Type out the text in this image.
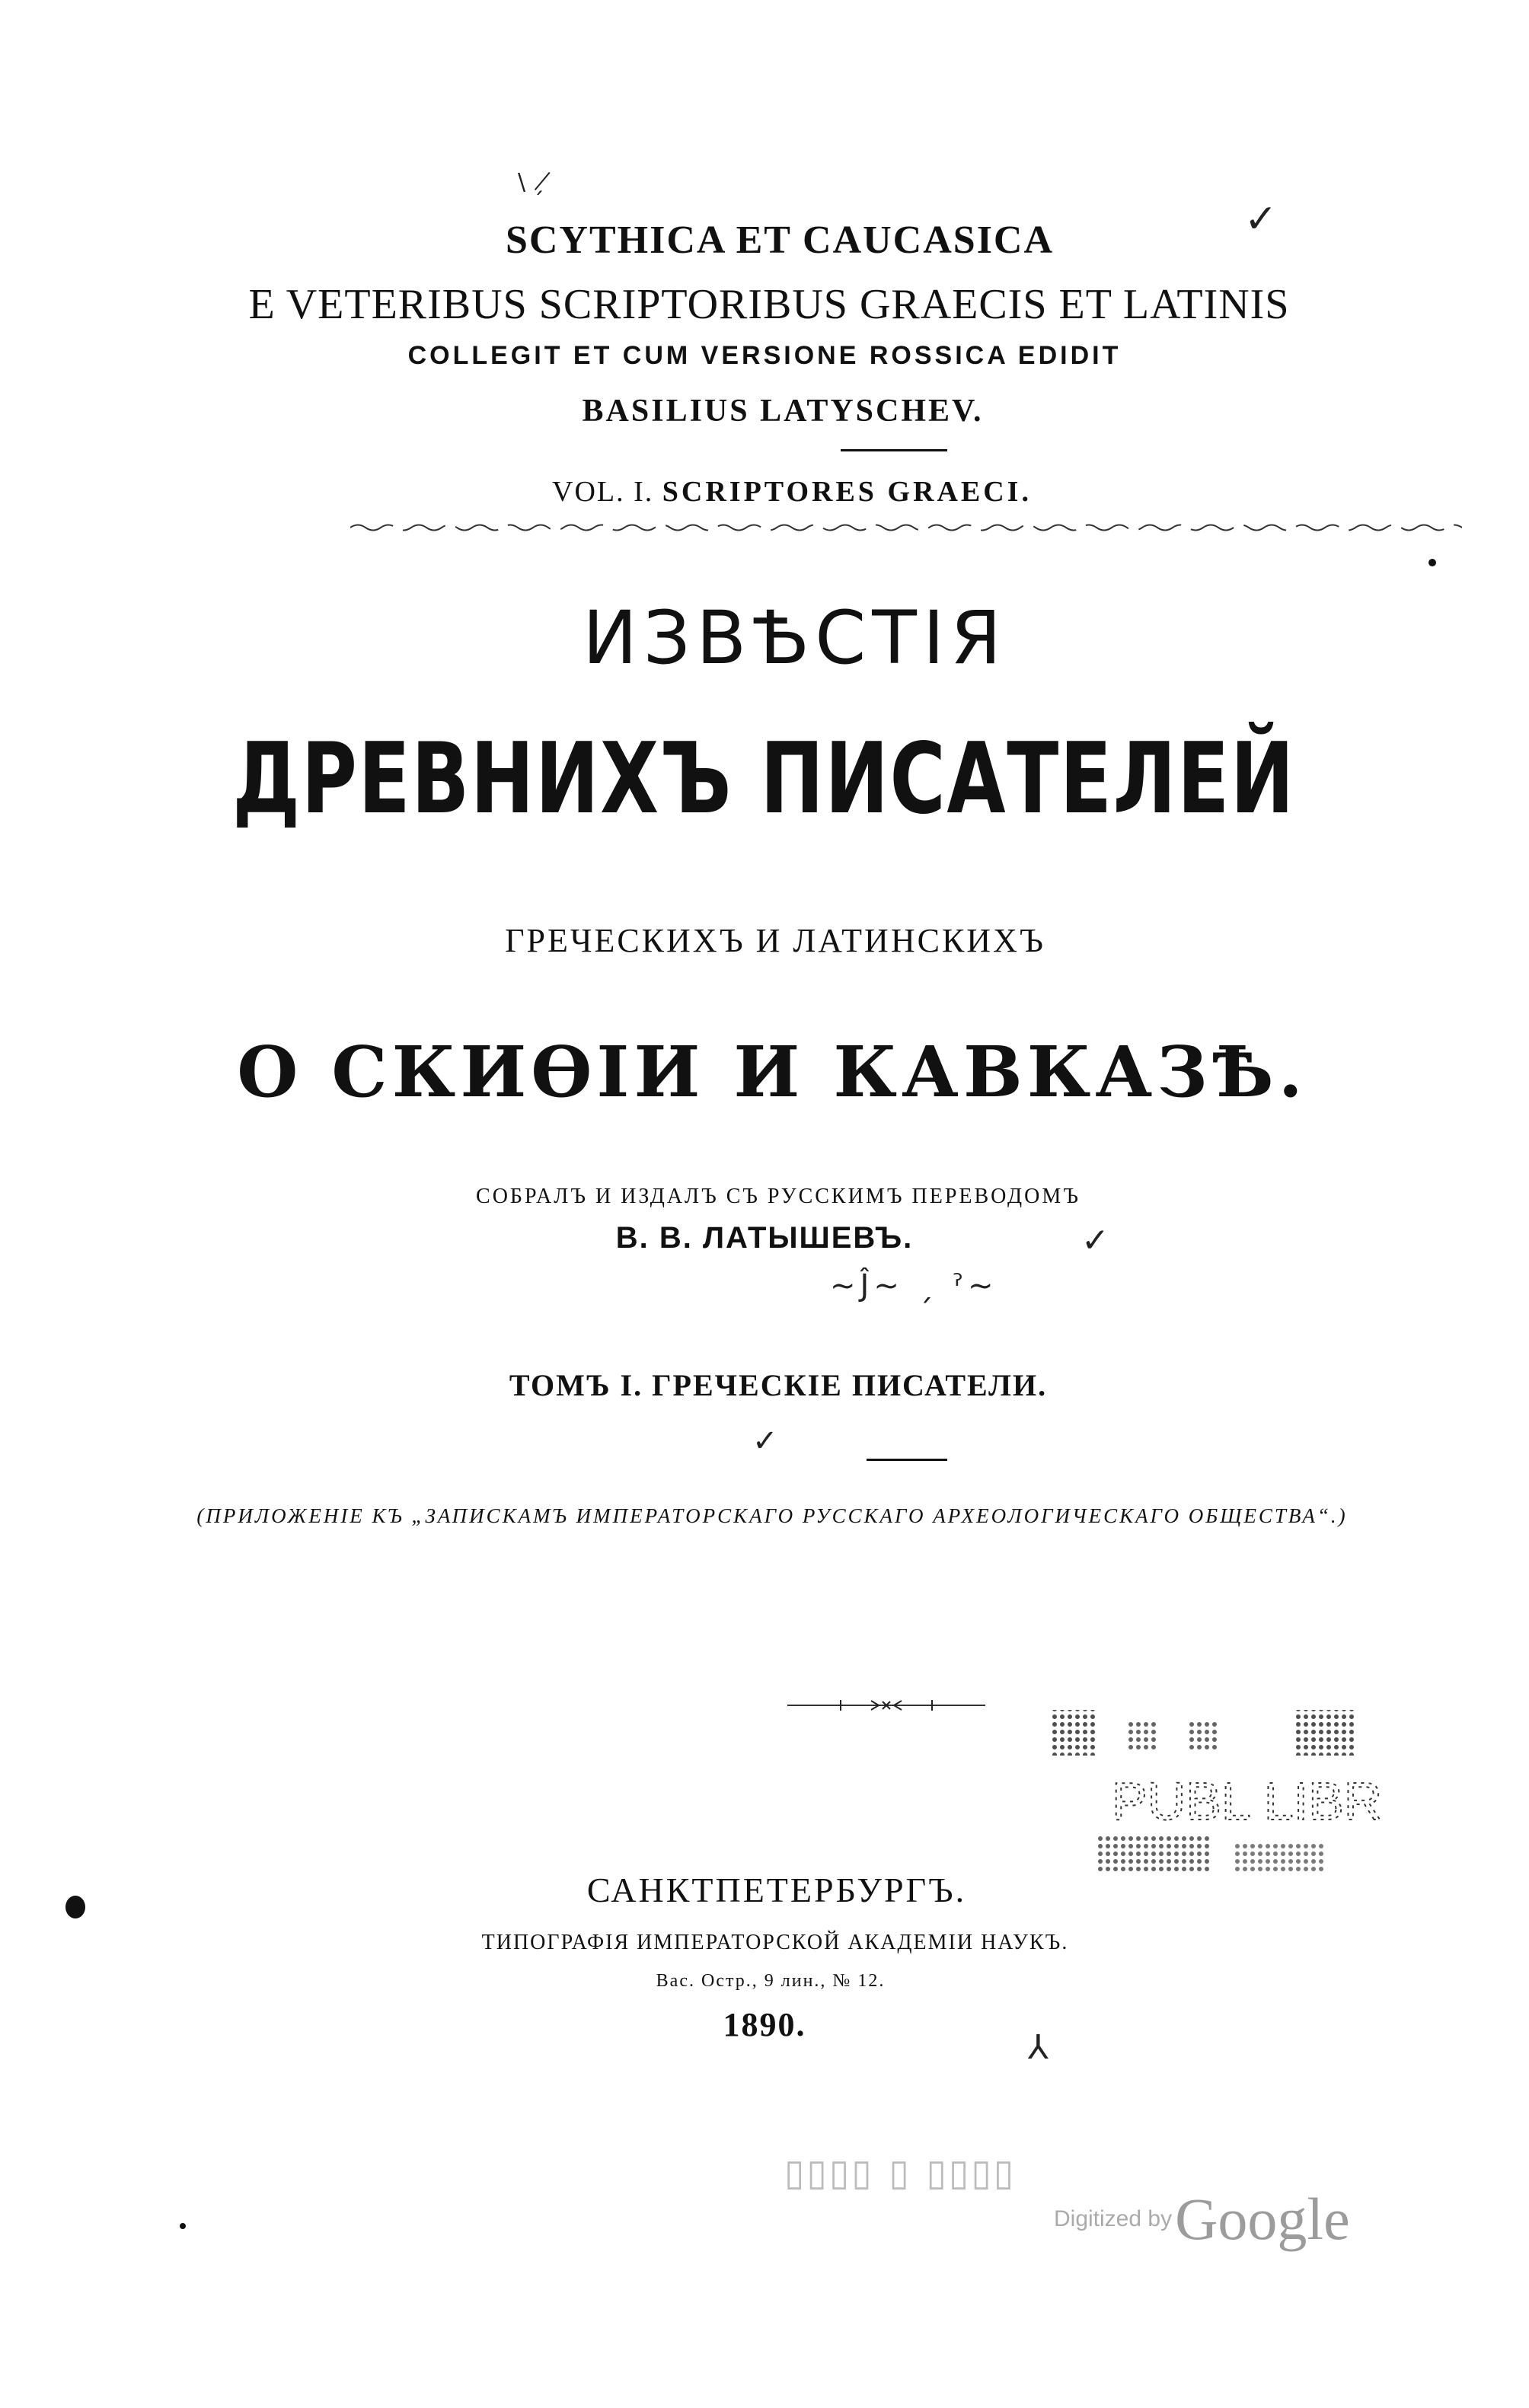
✓
\ ˏ ̸
SCYTHICA ET CAUCASICA
E VETERIBUS SCRIPTORIBUS GRAECIS ET LATINIS
COLLEGIT ET CUM VERSIONE ROSSICA EDIDIT
BASILIUS LATYSCHEV.
VOL. I. SCRIPTORES GRAECI.
ИЗВѢСТІЯ
ДРЕВНИХЪ ПИСАТЕЛЕЙ
ГРЕЧЕСКИХЪ И ЛАТИНСКИХЪ
О СКИѲІИ И КАВКАЗѢ.
СОБРАЛЪ И ИЗДАЛЪ СЪ РУССКИМЪ ПЕРЕВОДОМЪ
В. В. ЛАТЫШЕВЪ.	✓
~Ĵ~ ˏ ˀ~
ТОМЪ I. ГРЕЧЕСКІЕ ПИСАТЕЛИ.
✓
(ПРИЛОЖЕНІЕ КЪ „ЗАПИСКАМЪ ИМПЕРАТОРСКАГО РУССКАГО АРХЕОЛОГИЧЕСКАГО ОБЩЕСТВА“.)
PUBL LIBR
САНКТПЕТЕРБУРГЪ.
ТИПОГРАФІЯ ИМПЕРАТОРСКОЙ АКАДЕМІИ НАУКЪ.
Вас. Остр., 9 лин., № 12.
1890.
⅄
▯▯▯▯ ▯ ▯▯▯▯
Digitized by Google
